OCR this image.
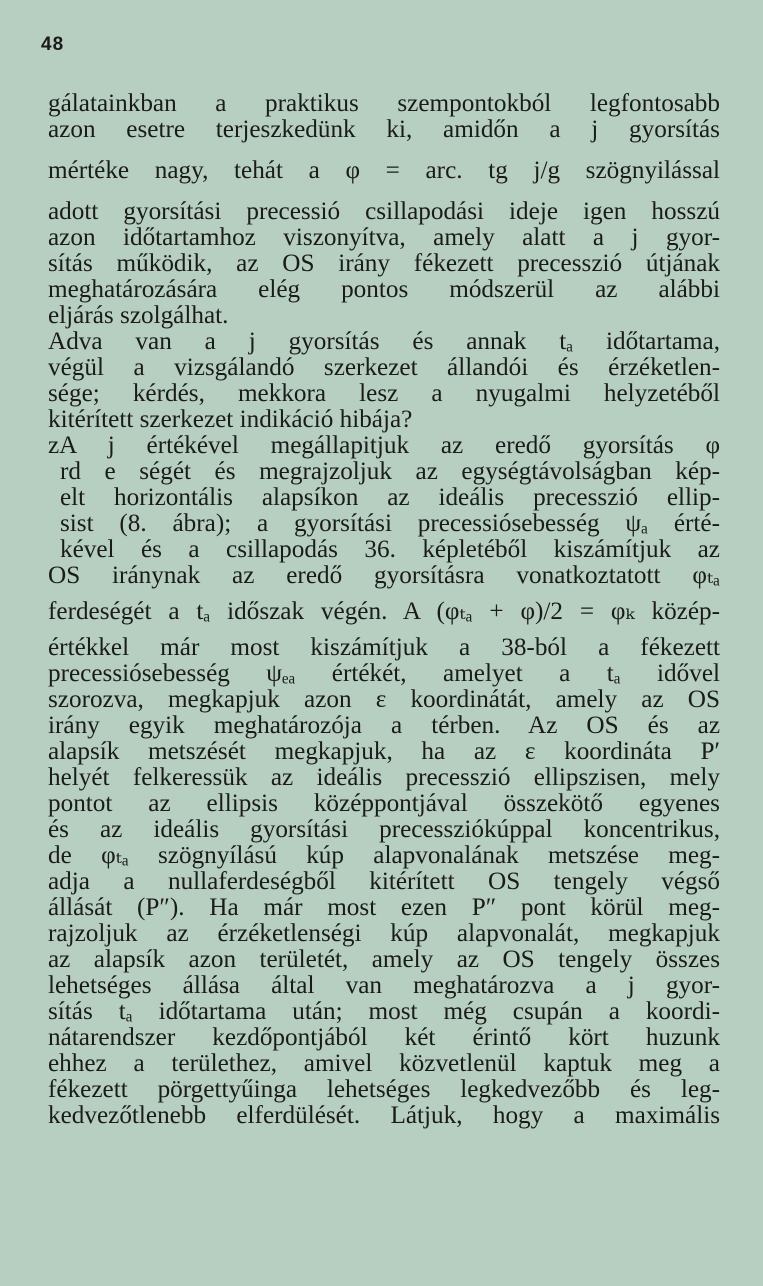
48
gálatainkban a praktikus szempontokból legfontosabb
azon esetre terjeszkedünk ki, amidőn a j gyorsítás
mértéke nagy, tehát a φ = arc. tg j/g szögnyilással
adott gyorsítási precessió csillapodási ideje igen hosszú
azon időtartamhoz viszonyítva, amely alatt a j gyor-
sítás működik, az OS irány fékezett precesszió útjának
meghatározására elég pontos módszerül az alábbi
eljárás szolgálhat.
Adva van a j gyorsítás és annak tₐ időtartama,
végül a vizsgálandó szerkezet állandói és érzéketlen-
sége; kérdés, mekkora lesz a nyugalmi helyzetéből
kitérített szerkezet indikáció hibája?
zA j értékével megállapitjuk az eredő gyorsítás φ
rd e ségét és megrajzoljuk az egységtávolságban kép-
elt horizontális alapsíkon az ideális precesszió ellip-
sist (8. ábra); a gyorsítási precessiósebesség ψₐ érté-
kével és a csillapodás 36. képletéből kiszámítjuk az
OS iránynak az eredő gyorsításra vonatkoztatott φₜₐ
ferdeségét a tₐ időszak végén. A (φₜₐ + φ)/2 = φₖ közép-
értékkel már most kiszámítjuk a 38-ból a fékezett
precessiósebesség ψₑₐ értékét, amelyet a tₐ idővel
szorozva, megkapjuk azon ε koordinátát, amely az OS
irány egyik meghatározója a térben. Az OS és az
alapsík metszését megkapjuk, ha az ε koordináta P′
helyét felkeressük az ideális precesszió ellipszisen, mely
pontot az ellipsis középpontjával összekötő egyenes
és az ideális gyorsítási precessziókúppal koncentrikus,
de φₜₐ szögnyílású kúp alapvonalának metszése meg-
adja a nullaferdeségből kitérített OS tengely végső
állását (P″). Ha már most ezen P″ pont körül meg-
rajzoljuk az érzéketlenségi kúp alapvonalát, megkapjuk
az alapsík azon területét, amely az OS tengely összes
lehetséges állása által van meghatározva a j gyor-
sítás tₐ időtartama után; most még csupán a koordi-
nátarendszer kezdőpontjából két érintő kört huzunk
ehhez a területhez, amivel közvetlenül kaptuk meg a
fékezett pörgettyűinga lehetséges legkedvezőbb és leg-
kedvezőtlenebb elferdülését. Látjuk, hogy a maximális
